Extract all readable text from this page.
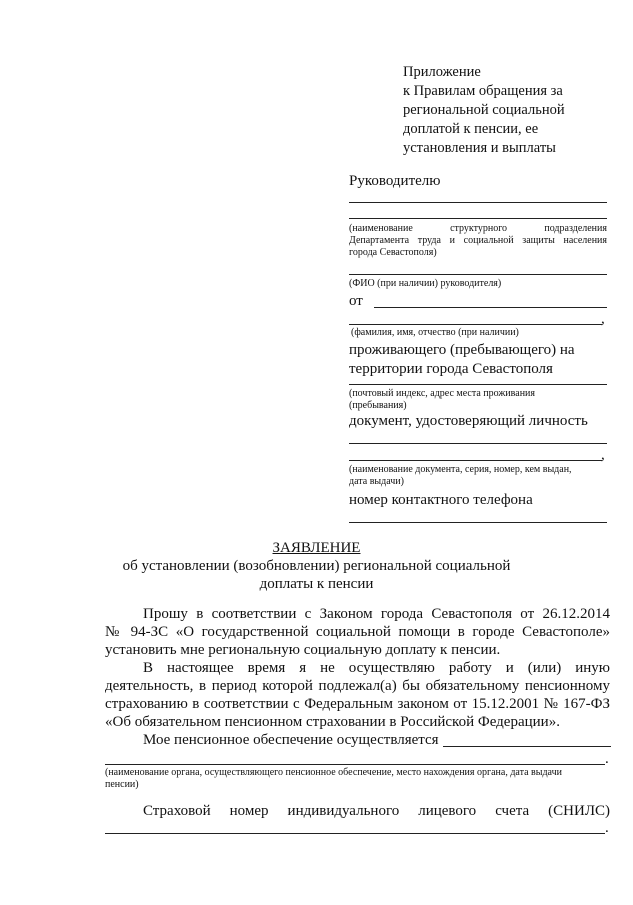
Приложение
к Правилам обращения за
региональной социальной
доплатой к пенсии, ее
установления и выплаты
Руководителю
(наименование структурного подразделения
Департамента труда и социальной защиты населения
города Севастополя)
(ФИО (при наличии) руководителя)
от
,
(фамилия, имя, отчество (при наличии)
проживающего (пребывающего) на
территории города Севастополя
(почтовый индекс, адрес места проживания
(пребывания)
документ, удостоверяющий личность
,
(наименование документа, серия, номер, кем выдан,
дата выдачи)
номер контактного телефона
ЗАЯВЛЕНИЕ
об установлении (возобновлении) региональной социальной
доплаты к пенсии
Прошу в соответствии с Законом города Севастополя от 26.12.2014
№ 94-ЗС «О государственной социальной помощи в городе Севастополе»
установить мне региональную социальную доплату к пенсии.
В настоящее время я не осуществляю работу и (или) иную
деятельность, в период которой подлежал(а) бы обязательному пенсионному
страхованию в соответствии с Федеральным законом от 15.12.2001 № 167-ФЗ
«Об обязательном пенсионном страховании в Российской Федерации».
Мое пенсионное обеспечение осуществляется
.
(наименование органа, осуществляющего пенсионное обеспечение, место нахождения органа, дата выдачи
пенсии)
Страховой номер индивидуального лицевого счета (СНИЛС)
.
